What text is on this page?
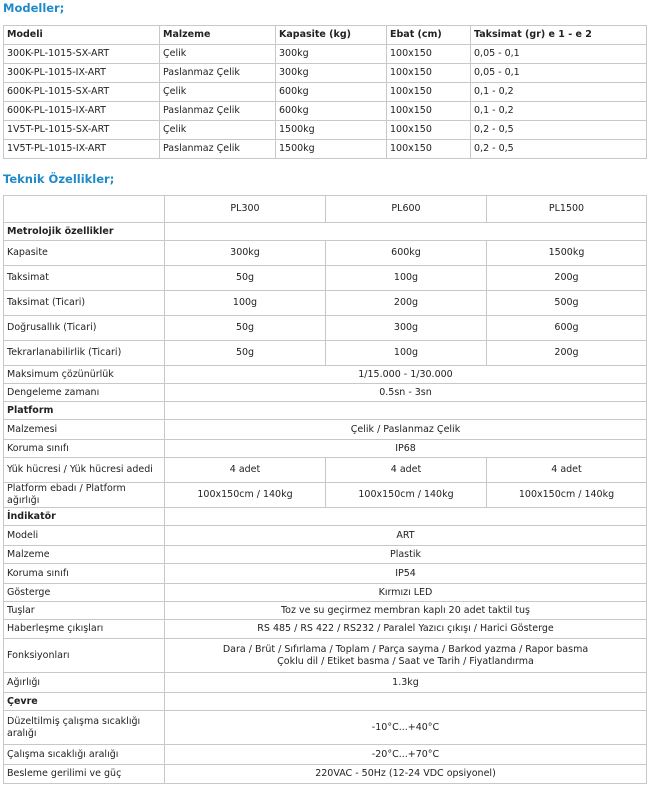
Modeller;
Modeli	Malzeme	Kapasite (kg)	Ebat (cm)	Taksimat (gr) e 1 - e 2
300K-PL-1015-SX-ART	Çelik	300kg	100x150	0,05 - 0,1
300K-PL-1015-IX-ART	Paslanmaz Çelik	300kg	100x150	0,05 - 0,1
600K-PL-1015-SX-ART	Çelik	600kg	100x150	0,1 - 0,2
600K-PL-1015-IX-ART	Paslanmaz Çelik	600kg	100x150	0,1 - 0,2
1V5T-PL-1015-SX-ART	Çelik	1500kg	100x150	0,2 - 0,5
1V5T-PL-1015-IX-ART	Paslanmaz Çelik	1500kg	100x150	0,2 - 0,5
Teknik Özellikler;
	PL300	PL600	PL1500
Metrolojik özellikler			
Kapasite	300kg	600kg	1500kg
Taksimat	50g	100g	200g
Taksimat (Ticari)	100g	200g	500g
Doğrusallık (Ticari)	50g	300g	600g
Tekrarlanabilirlik (Ticari)	50g	100g	200g
Maksimum çözünürlük	1/15.000 - 1/30.000		
Dengeleme zamanı	0.5sn - 3sn		
Platform			
Malzemesi	Çelik / Paslanmaz Çelik		
Koruma sınıfı	IP68		
Yük hücresi / Yük hücresi adedi	4 adet	4 adet	4 adet
Platform ebadı / Platform ağırlığı	100x150cm / 140kg	100x150cm / 140kg	100x150cm / 140kg
İndikatör			
Modeli	ART		
Malzeme	Plastik		
Koruma sınıfı	IP54		
Gösterge	Kırmızı LED		
Tuşlar	Toz ve su geçirmez membran kaplı 20 adet taktil tuş		
Haberleşme çıkışları	RS 485 / RS 422 / RS232 / Paralel Yazıcı çıkışı / Harici Gösterge		
Fonksiyonları	Dara / Brüt / Sıfırlama / Toplam / Parça sayma / Barkod yazma / Rapor basma
Çoklu dil / Etiket basma / Saat ve Tarih / Fiyatlandırma		

Ağırlığı	1.3kg		
Çevre			
Düzeltilmiş çalışma sıcaklığı aralığı	-10°C...+40°C		
Çalışma sıcaklığı aralığı	-20°C...+70°C		
Besleme gerilimi ve güç	220VAC - 50Hz (12-24 VDC opsiyonel)		
